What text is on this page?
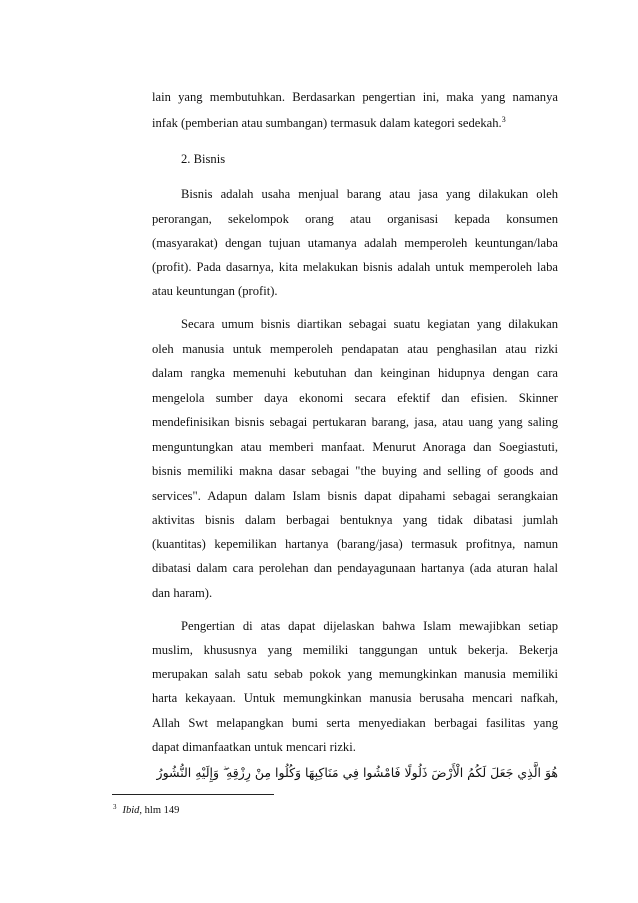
lain yang membutuhkan. Berdasarkan pengertian ini, maka yang namanya
infak (pemberian atau sumbangan) termasuk dalam kategori sedekah.$^3$
2. Bisnis
Bisnis adalah usaha menjual barang atau jasa yang dilakukan oleh
perorangan, sekelompok orang atau organisasi kepada konsumen
(masyarakat) dengan tujuan utamanya adalah memperoleh keuntungan/laba
(profit). Pada dasarnya, kita melakukan bisnis adalah untuk memperoleh laba
atau keuntungan (profit).
Secara umum bisnis diartikan sebagai suatu kegiatan yang dilakukan
oleh manusia untuk memperoleh pendapatan atau penghasilan atau rizki
dalam rangka memenuhi kebutuhan dan keinginan hidupnya dengan cara
mengelola sumber daya ekonomi secara efektif dan efisien. Skinner
mendefinisikan bisnis sebagai pertukaran barang, jasa, atau uang yang saling
menguntungkan atau memberi manfaat. Menurut Anoraga dan Soegiastuti,
bisnis memiliki makna dasar sebagai "the buying and selling of goods and
services". Adapun dalam Islam bisnis dapat dipahami sebagai serangkaian
aktivitas bisnis dalam berbagai bentuknya yang tidak dibatasi jumlah
(kuantitas) kepemilikan hartanya (barang/jasa) termasuk profitnya, namun
dibatasi dalam cara perolehan dan pendayagunaan hartanya (ada aturan halal
dan haram).
Pengertian di atas dapat dijelaskan bahwa Islam mewajibkan setiap
muslim, khususnya yang memiliki tanggungan untuk bekerja. Bekerja
merupakan salah satu sebab pokok yang memungkinkan manusia memiliki
harta kekayaan. Untuk memungkinkan manusia berusaha mencari nafkah,
Allah Swt melapangkan bumi serta menyediakan berbagai fasilitas yang
dapat dimanfaatkan untuk mencari rizki.
هُوَ الَّذِي جَعَلَ لَكُمُ الْأَرْضَ ذَلُولًا فَامْشُوا فِي مَنَاكِبِهَا وَكُلُوا مِنْ رِزْقِهِ ۖ وَإِلَيْهِ النُّشُورُ
$^3$ Ibid, hlm 149
